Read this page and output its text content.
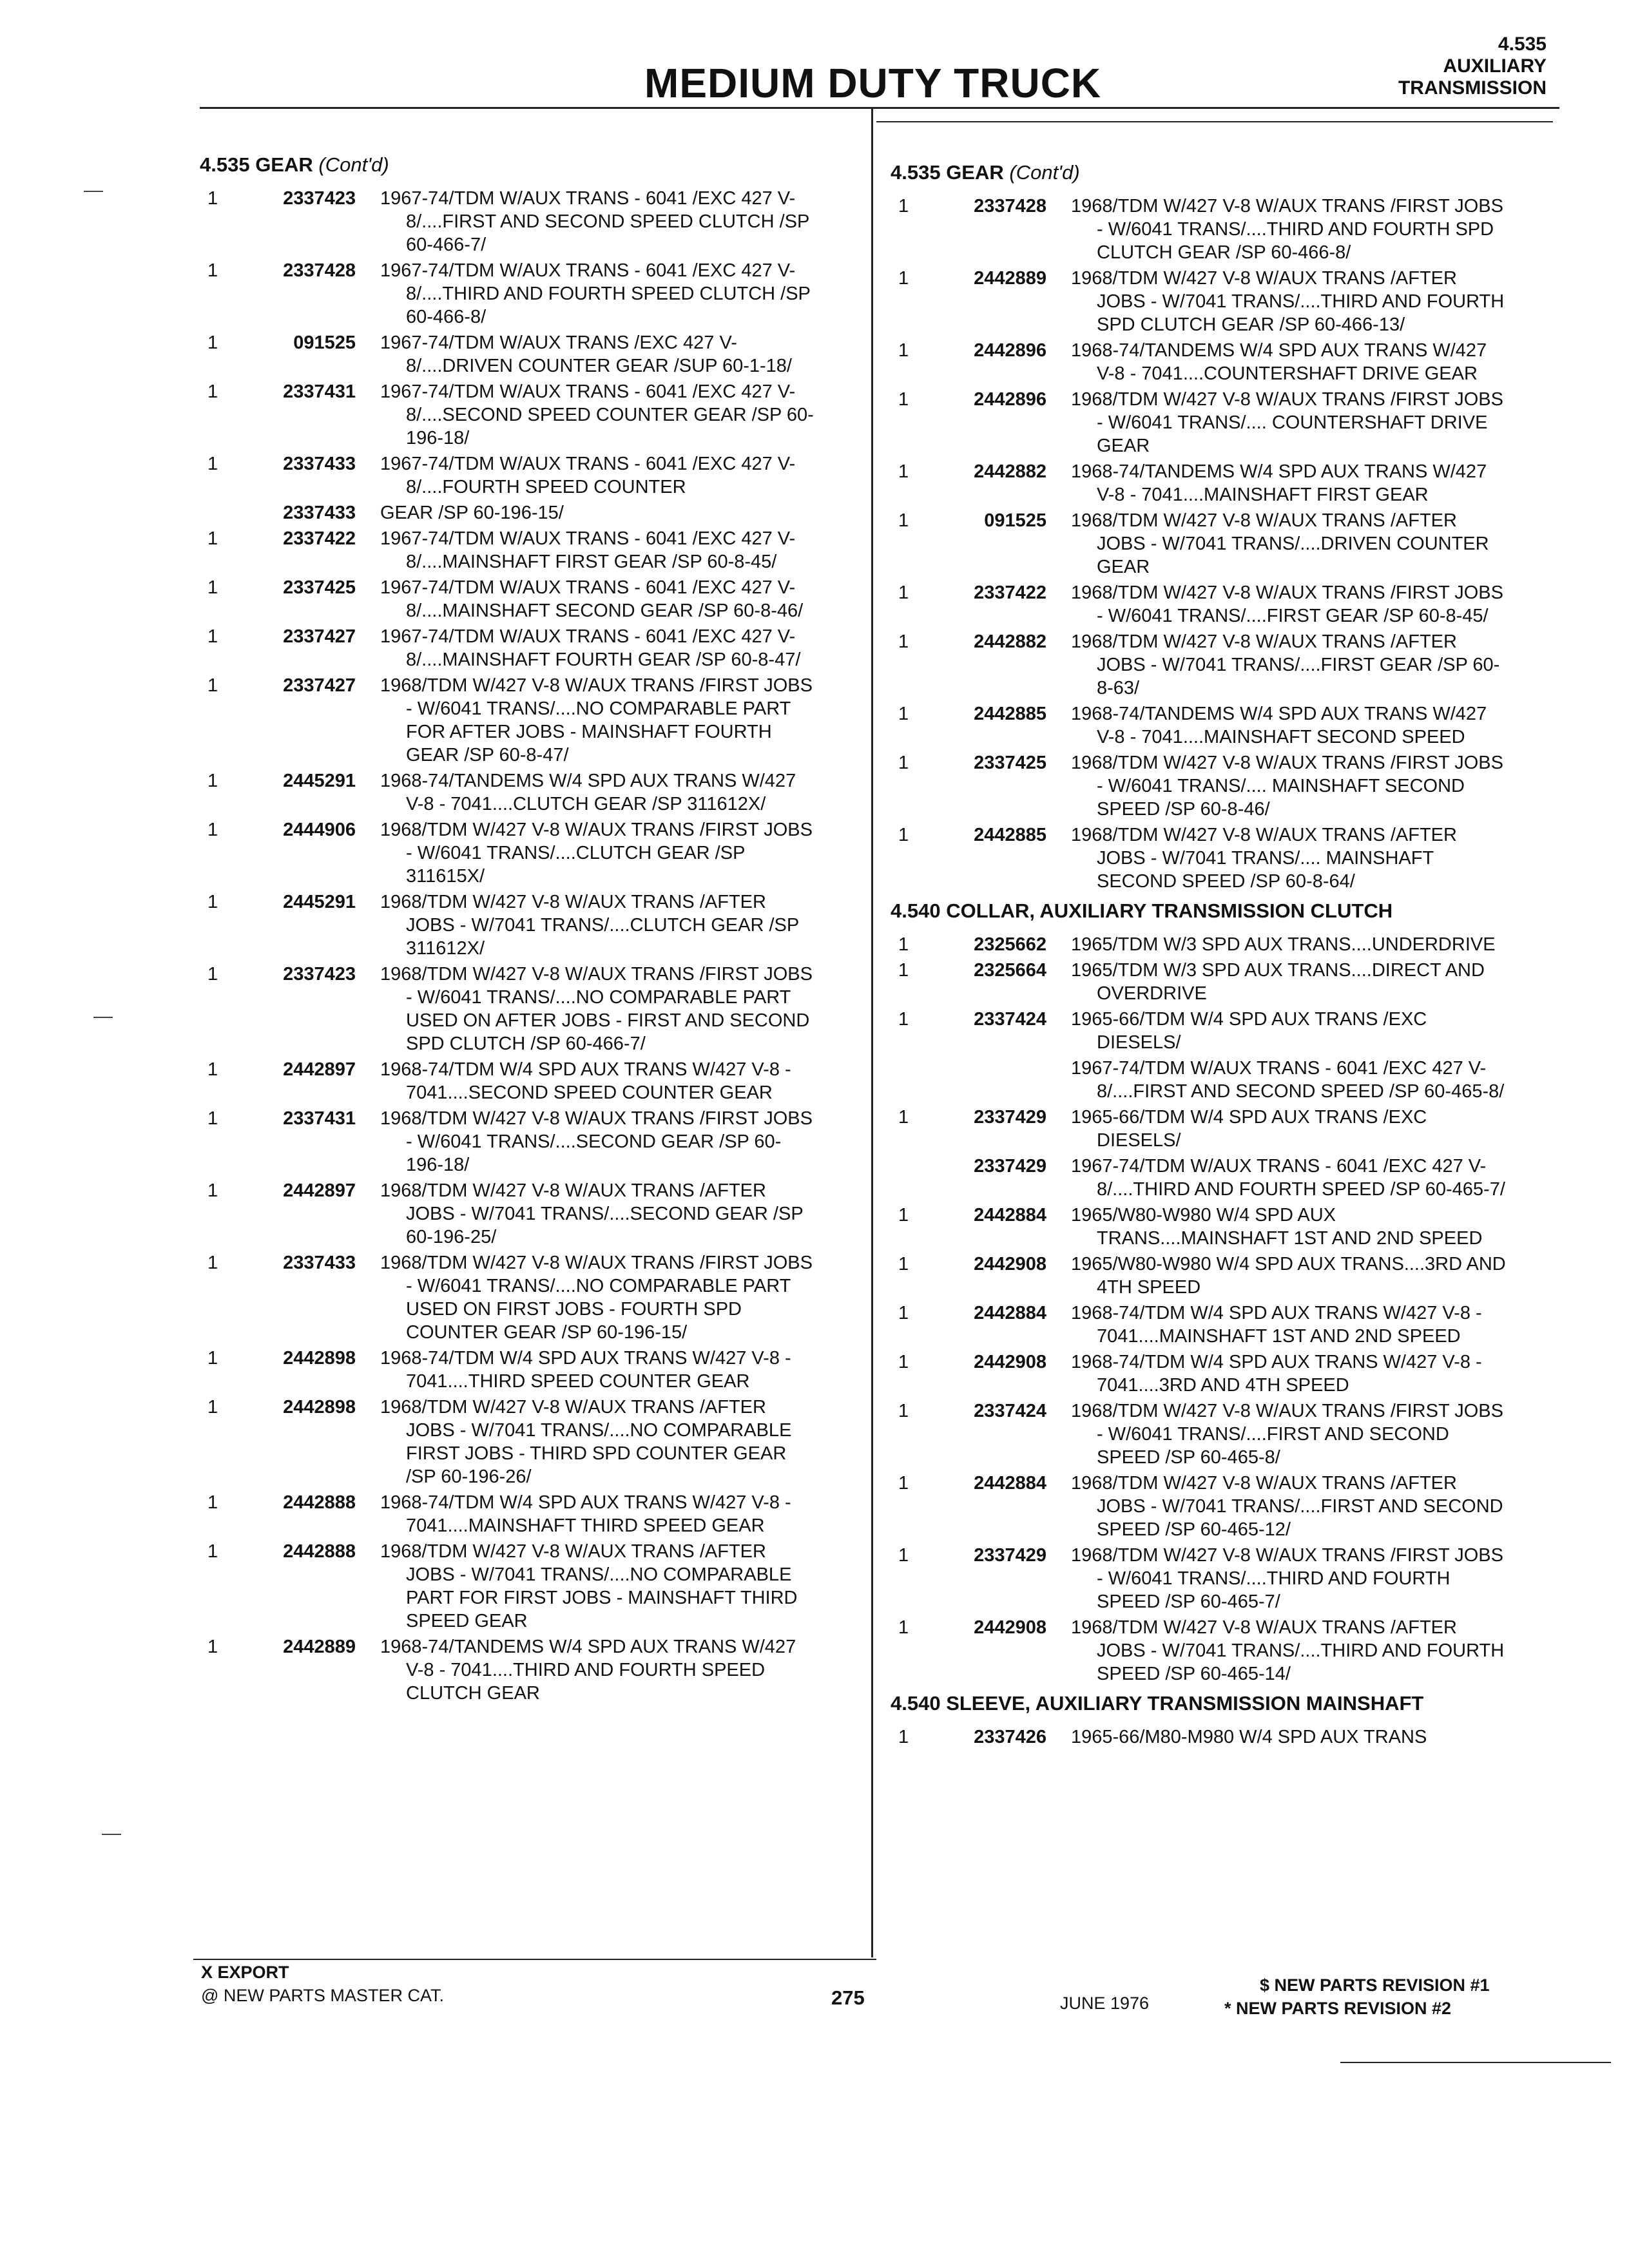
MEDIUM DUTY TRUCK
4.535
AUXILIARY
TRANSMISSION
4.535 GEAR (Cont'd)
1	2337423	1967-74/TDM W/AUX TRANS - 6041 /EXC 427 V-8/....FIRST AND SECOND SPEED CLUTCH /SP 60-466-7/
1	2337428	1967-74/TDM W/AUX TRANS - 6041 /EXC 427 V-8/....THIRD AND FOURTH SPEED CLUTCH /SP 60-466-8/
1	091525	1967-74/TDM W/AUX TRANS /EXC 427 V-8/....DRIVEN COUNTER GEAR /SUP 60-1-18/
1	2337431	1967-74/TDM W/AUX TRANS - 6041 /EXC 427 V-8/....SECOND SPEED COUNTER GEAR /SP 60-196-18/
1	2337433	1967-74/TDM W/AUX TRANS - 6041 /EXC 427 V-8/....FOURTH SPEED COUNTER
2337433	GEAR /SP 60-196-15/
1	2337422	1967-74/TDM W/AUX TRANS - 6041 /EXC 427 V-8/....MAINSHAFT FIRST GEAR /SP 60-8-45/
1	2337425	1967-74/TDM W/AUX TRANS - 6041 /EXC 427 V-8/....MAINSHAFT SECOND GEAR /SP 60-8-46/
1	2337427	1967-74/TDM W/AUX TRANS - 6041 /EXC 427 V-8/....MAINSHAFT FOURTH GEAR /SP 60-8-47/
1	2337427	1968/TDM W/427 V-8 W/AUX TRANS /FIRST JOBS - W/6041 TRANS/....NO COMPARABLE PART FOR AFTER JOBS - MAINSHAFT FOURTH GEAR /SP 60-8-47/
1	2445291	1968-74/TANDEMS W/4 SPD AUX TRANS W/427 V-8 - 7041....CLUTCH GEAR /SP 311612X/
1	2444906	1968/TDM W/427 V-8 W/AUX TRANS /FIRST JOBS - W/6041 TRANS/....CLUTCH GEAR /SP 311615X/
1	2445291	1968/TDM W/427 V-8 W/AUX TRANS /AFTER JOBS - W/7041 TRANS/....CLUTCH GEAR /SP 311612X/
1	2337423	1968/TDM W/427 V-8 W/AUX TRANS /FIRST JOBS - W/6041 TRANS/....NO COMPARABLE PART USED ON AFTER JOBS - FIRST AND SECOND SPD CLUTCH /SP 60-466-7/
1	2442897	1968-74/TDM W/4 SPD AUX TRANS W/427 V-8 - 7041....SECOND SPEED COUNTER GEAR
1	2337431	1968/TDM W/427 V-8 W/AUX TRANS /FIRST JOBS - W/6041 TRANS/....SECOND GEAR /SP 60-196-18/
1	2442897	1968/TDM W/427 V-8 W/AUX TRANS /AFTER JOBS - W/7041 TRANS/....SECOND GEAR /SP 60-196-25/
1	2337433	1968/TDM W/427 V-8 W/AUX TRANS /FIRST JOBS - W/6041 TRANS/....NO COMPARABLE PART USED ON FIRST JOBS - FOURTH SPD COUNTER GEAR /SP 60-196-15/
1	2442898	1968-74/TDM W/4 SPD AUX TRANS W/427 V-8 - 7041....THIRD SPEED COUNTER GEAR
1	2442898	1968/TDM W/427 V-8 W/AUX TRANS /AFTER JOBS - W/7041 TRANS/....NO COMPARABLE FIRST JOBS - THIRD SPD COUNTER GEAR /SP 60-196-26/
1	2442888	1968-74/TDM W/4 SPD AUX TRANS W/427 V-8 - 7041....MAINSHAFT THIRD SPEED GEAR
1	2442888	1968/TDM W/427 V-8 W/AUX TRANS /AFTER JOBS - W/7041 TRANS/....NO COMPARABLE PART FOR FIRST JOBS - MAINSHAFT THIRD SPEED GEAR
1	2442889	1968-74/TANDEMS W/4 SPD AUX TRANS W/427 V-8 - 7041....THIRD AND FOURTH SPEED CLUTCH GEAR
4.535 GEAR (Cont'd)
1	2337428	1968/TDM W/427 V-8 W/AUX TRANS /FIRST JOBS - W/6041 TRANS/....THIRD AND FOURTH SPD CLUTCH GEAR /SP 60-466-8/
1	2442889	1968/TDM W/427 V-8 W/AUX TRANS /AFTER JOBS - W/7041 TRANS/....THIRD AND FOURTH SPD CLUTCH GEAR /SP 60-466-13/
1	2442896	1968-74/TANDEMS W/4 SPD AUX TRANS W/427 V-8 - 7041....COUNTERSHAFT DRIVE GEAR
1	2442896	1968/TDM W/427 V-8 W/AUX TRANS /FIRST JOBS - W/6041 TRANS/.... COUNTERSHAFT DRIVE GEAR
1	2442882	1968-74/TANDEMS W/4 SPD AUX TRANS W/427 V-8 - 7041....MAINSHAFT FIRST GEAR
1	091525	1968/TDM W/427 V-8 W/AUX TRANS /AFTER JOBS - W/7041 TRANS/....DRIVEN COUNTER GEAR
1	2337422	1968/TDM W/427 V-8 W/AUX TRANS /FIRST JOBS - W/6041 TRANS/....FIRST GEAR /SP 60-8-45/
1	2442882	1968/TDM W/427 V-8 W/AUX TRANS /AFTER JOBS - W/7041 TRANS/....FIRST GEAR /SP 60-8-63/
1	2442885	1968-74/TANDEMS W/4 SPD AUX TRANS W/427 V-8 - 7041....MAINSHAFT SECOND SPEED
1	2337425	1968/TDM W/427 V-8 W/AUX TRANS /FIRST JOBS - W/6041 TRANS/.... MAINSHAFT SECOND SPEED /SP 60-8-46/
1	2442885	1968/TDM W/427 V-8 W/AUX TRANS /AFTER JOBS - W/7041 TRANS/.... MAINSHAFT SECOND SPEED /SP 60-8-64/
4.540 COLLAR, AUXILIARY TRANSMISSION CLUTCH
1	2325662	1965/TDM W/3 SPD AUX TRANS....UNDERDRIVE
1	2325664	1965/TDM W/3 SPD AUX TRANS....DIRECT AND OVERDRIVE
1	2337424	1965-66/TDM W/4 SPD AUX TRANS /EXC DIESELS/
1967-74/TDM W/AUX TRANS - 6041 /EXC 427 V-8/....FIRST AND SECOND SPEED /SP 60-465-8/
1	2337429	1965-66/TDM W/4 SPD AUX TRANS /EXC DIESELS/
2337429	1967-74/TDM W/AUX TRANS - 6041 /EXC 427 V-8/....THIRD AND FOURTH SPEED /SP 60-465-7/
1	2442884	1965/W80-W980 W/4 SPD AUX TRANS....MAINSHAFT 1ST AND 2ND SPEED
1	2442908	1965/W80-W980 W/4 SPD AUX TRANS....3RD AND 4TH SPEED
1	2442884	1968-74/TDM W/4 SPD AUX TRANS W/427 V-8 - 7041....MAINSHAFT 1ST AND 2ND SPEED
1	2442908	1968-74/TDM W/4 SPD AUX TRANS W/427 V-8 - 7041....3RD AND 4TH SPEED
1	2337424	1968/TDM W/427 V-8 W/AUX TRANS /FIRST JOBS - W/6041 TRANS/....FIRST AND SECOND SPEED /SP 60-465-8/
1	2442884	1968/TDM W/427 V-8 W/AUX TRANS /AFTER JOBS - W/7041 TRANS/....FIRST AND SECOND SPEED /SP 60-465-12/
1	2337429	1968/TDM W/427 V-8 W/AUX TRANS /FIRST JOBS - W/6041 TRANS/....THIRD AND FOURTH SPEED /SP 60-465-7/
1	2442908	1968/TDM W/427 V-8 W/AUX TRANS /AFTER JOBS - W/7041 TRANS/....THIRD AND FOURTH SPEED /SP 60-465-14/
4.540 SLEEVE, AUXILIARY TRANSMISSION MAINSHAFT
1	2337426	1965-66/M80-M980 W/4 SPD AUX TRANS
X EXPORT
@ NEW PARTS MASTER CAT.	275	JUNE 1976
$ NEW PARTS REVISION #1
* NEW PARTS REVISION #2
